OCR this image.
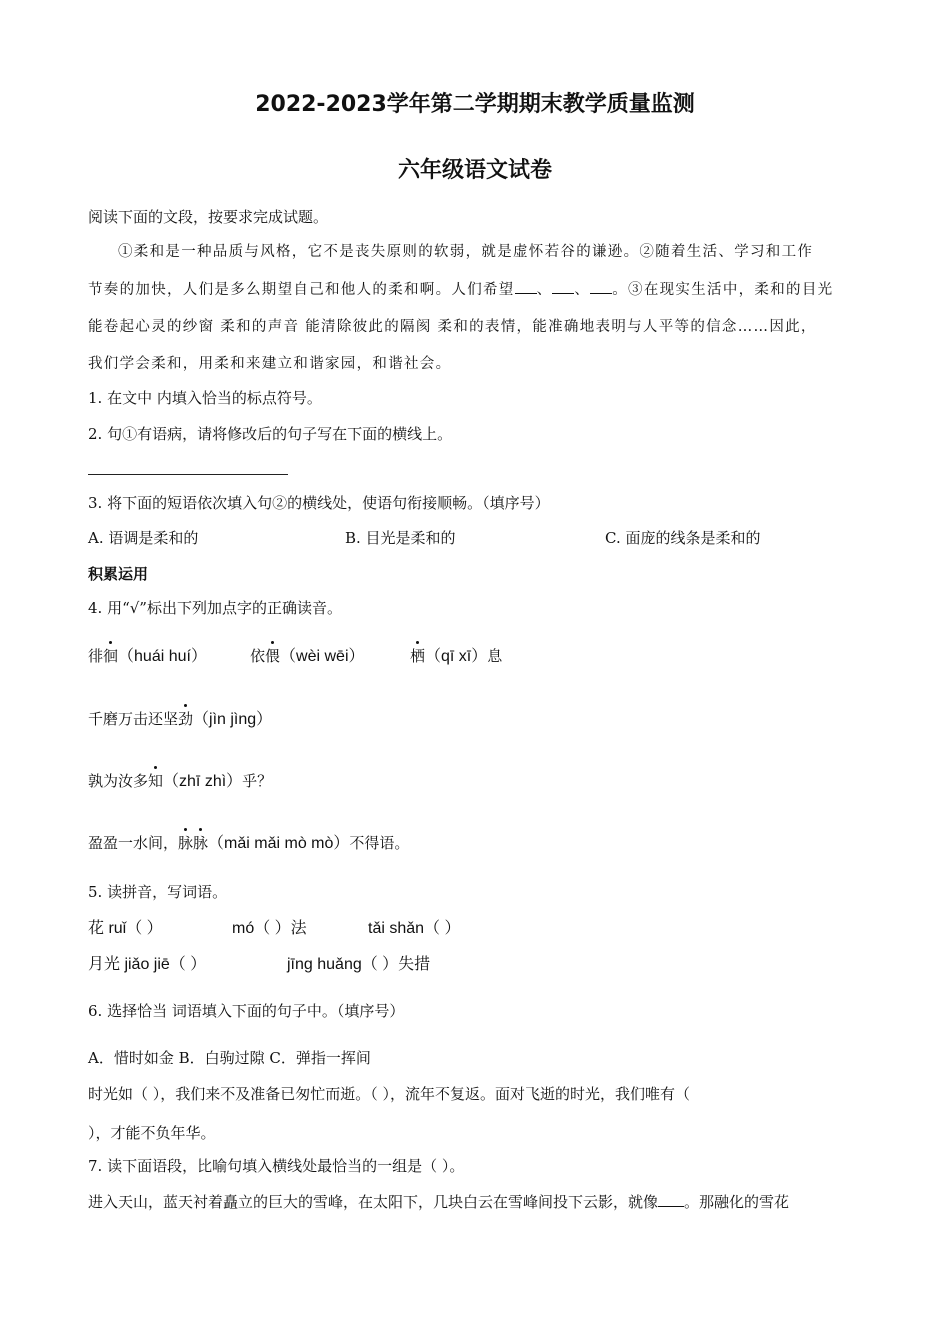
2022-2023学年第二学期期末教学质量监测
六年级语文试卷
阅读下面的文段，按要求完成试题。
①柔和是一种品质与风格，它不是丧失原则的软弱，就是虚怀若谷的谦逊。②随着生活、学习和工作
节奏的加快，人们是多么期望自己和他人的柔和啊。人们希望 、 、 。③在现实生活中，柔和的目光
能卷起心灵的纱窗 柔和的声音 能清除彼此的隔阂 柔和的表情，能准确地表明与人平等的信念……因此，
我们学会柔和，用柔和来建立和谐家园，和谐社会。
1. 在文中 内填入恰当的标点符号。
2. 句①有语病，请将修改后的句子写在下面的横线上。
3. 将下面的短语依次填入句②的横线处，使语句衔接顺畅。（填序号）
A. 语调是柔和的	B. 目光是柔和的	C. 面庞的线条是柔和的
积累运用
4. 用“√”标出下列加点字的正确读音。
徘徊（huái huí）	依偎（wèi wēi）	栖（qī xī）息
千磨万击还坚劲（jìn jìng）
孰为汝多知（zhī zhì）乎？
盈盈一水间，脉脉（mǎi mǎi mò mò）不得语。
5. 读拼音，写词语。
花 ruǐ（ ）	mó（ ）法	tǎi shǎn（ ）
月光 jiǎo jiē（ ）	jīng huǎng（ ）失措
6. 选择恰当 词语填入下面的句子中。（填序号）
A．惜时如金 B．白驹过隙 C．弹指一挥间
时光如（ ），我们来不及准备已匆忙而逝。（ ），流年不复返。面对飞逝的时光，我们唯有（
），才能不负年华。
7. 读下面语段，比喻句填入横线处最恰当的一组是（ ）。
进入天山，蓝天衬着矗立的巨大的雪峰，在太阳下，几块白云在雪峰间投下云影，就像 。那融化的雪花
